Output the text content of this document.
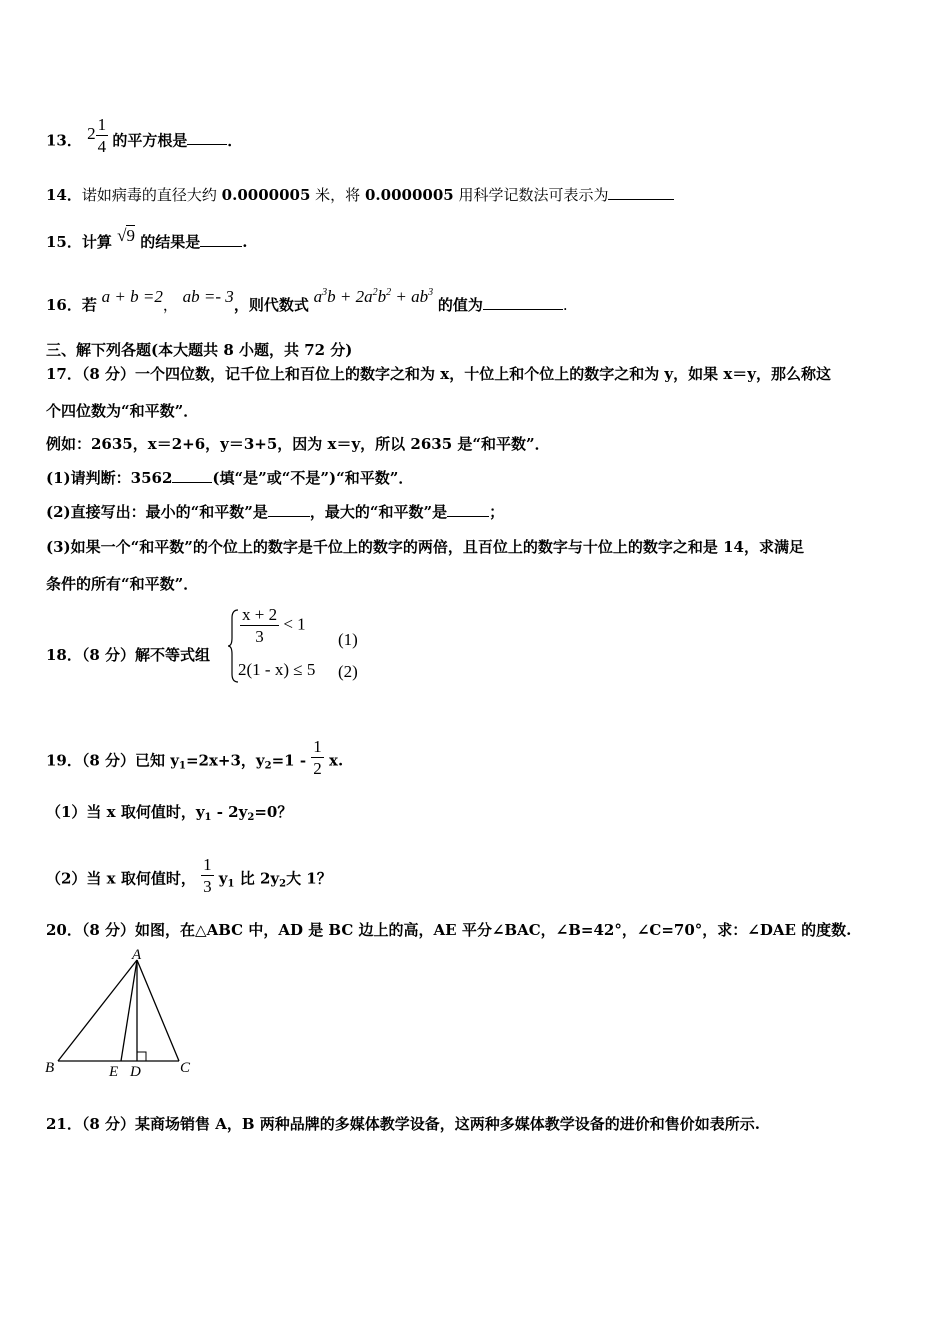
13． $2 \frac{1}{4}$ 的平方根是	．
14．诺如病毒的直径大约 0.0000005 米，将 0.0000005 用科学记数法可表示为
15．计算 √9 的结果是	.
16．若 a + b =2， ab =- 3，则代数式 $a^3b + 2a^2b^2 + ab^3$ 的值为	.
三、解下列各题(本大题共 8 小题，共 72 分)
17．（8 分）一个四位数，记千位上和百位上的数字之和为 x，十位上和个位上的数字之和为 y，如果 x＝y，那么称这
个四位数为“和平数”．
例如：2635，x＝2+6，y＝3+5，因为 x＝y，所以 2635 是“和平数”．
(1)请判断：3562	(填“是”或“不是”)“和平数”．
(2)直接写出：最小的“和平数”是	，最大的“和平数”是	；
(3)如果一个“和平数”的个位上的数字是千位上的数字的两倍，且百位上的数字与十位上的数字之和是 14，求满足
条件的所有“和平数”．
18．（8 分）解不等式组
$\frac{x + 2}{3} < 1$
2(1 - x) ≤ 5
(1)
(2)
19．（8 分）已知 $y_1=2x+3$，$y_2=1 - \frac{1}{2} x$.
（1）当 x 取何值时，$y_1 - 2y_2=0$？
（2）当 x 取何值时， $\frac{1}{3} y_1$ 比 $2y_2$大 1？
20．（8 分）如图，在△ABC 中，AD 是 BC 边上的高，AE 平分∠BAC，∠B=42°，∠C=70°，求：∠DAE 的度数.
A
B	C
E D
21．（8 分）某商场销售 A，B 两种品牌的多媒体教学设备，这两种多媒体教学设备的进价和售价如表所示.
